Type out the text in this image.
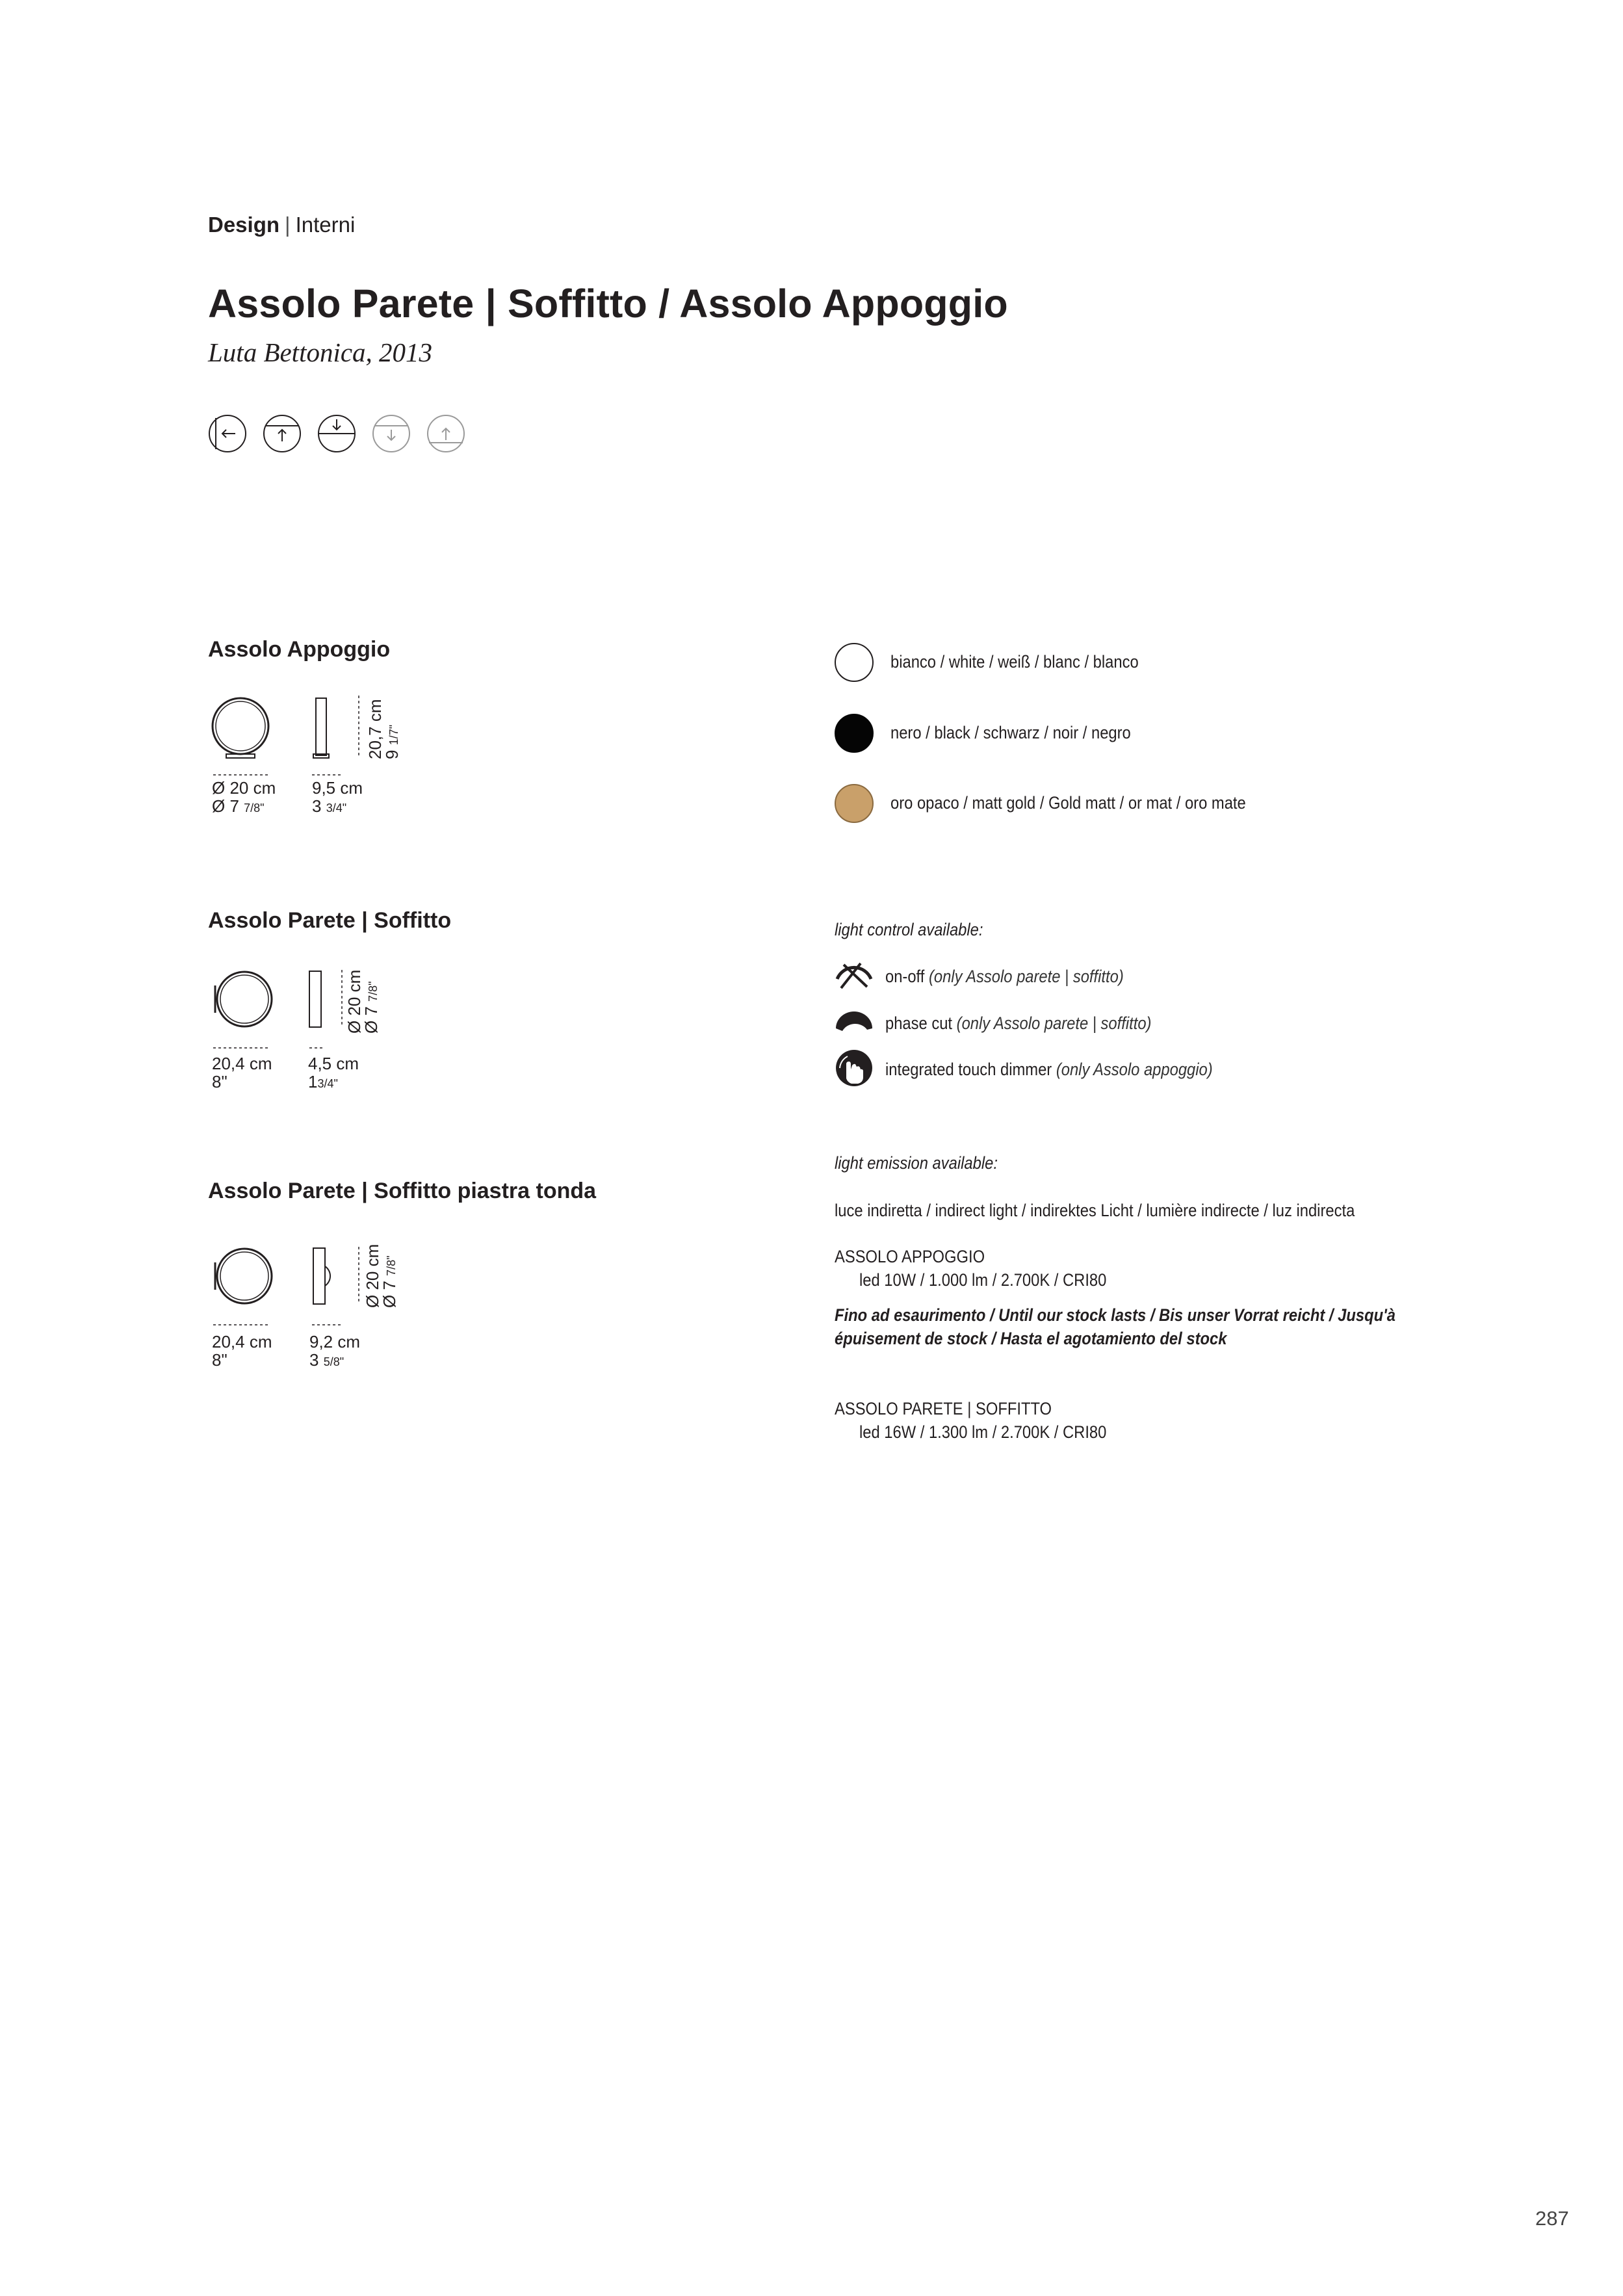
Design | Interni
Assolo Parete | Soffitto / Assolo Appoggio
Luta Bettonica, 2013
Assolo Appoggio
Ø 20 cm
Ø 7 7/8"
9,5 cm
3 3/4"
20,7 cm
9 1/7"
Assolo Parete | Soffitto
20,4 cm
8"
4,5 cm
13/4"
Ø 20 cm
Ø 7 7/8"
Assolo Parete | Soffitto piastra tonda
20,4 cm
8"
9,2 cm
3 5/8"
Ø 20 cm
Ø 7 7/8"
bianco / white / weiß / blanc / blanco
nero / black / schwarz / noir / negro
oro opaco / matt gold / Gold matt / or mat / oro mate
light control available:
on-off (only Assolo parete | soffitto)
phase cut (only Assolo parete | soffitto)
integrated touch dimmer (only Assolo appoggio)
light emission available:
luce indiretta / indirect light / indirektes Licht / lumière indirecte / luz indirecta
ASSOLO APPOGGIO
led 10W / 1.000 lm / 2.700K / CRI80
Fino ad esaurimento / Until our stock lasts / Bis unser Vorrat reicht / Jusqu'à
épuisement de stock / Hasta el agotamiento del stock
ASSOLO PARETE | SOFFITTO
led 16W / 1.300 lm / 2.700K / CRI80
287
